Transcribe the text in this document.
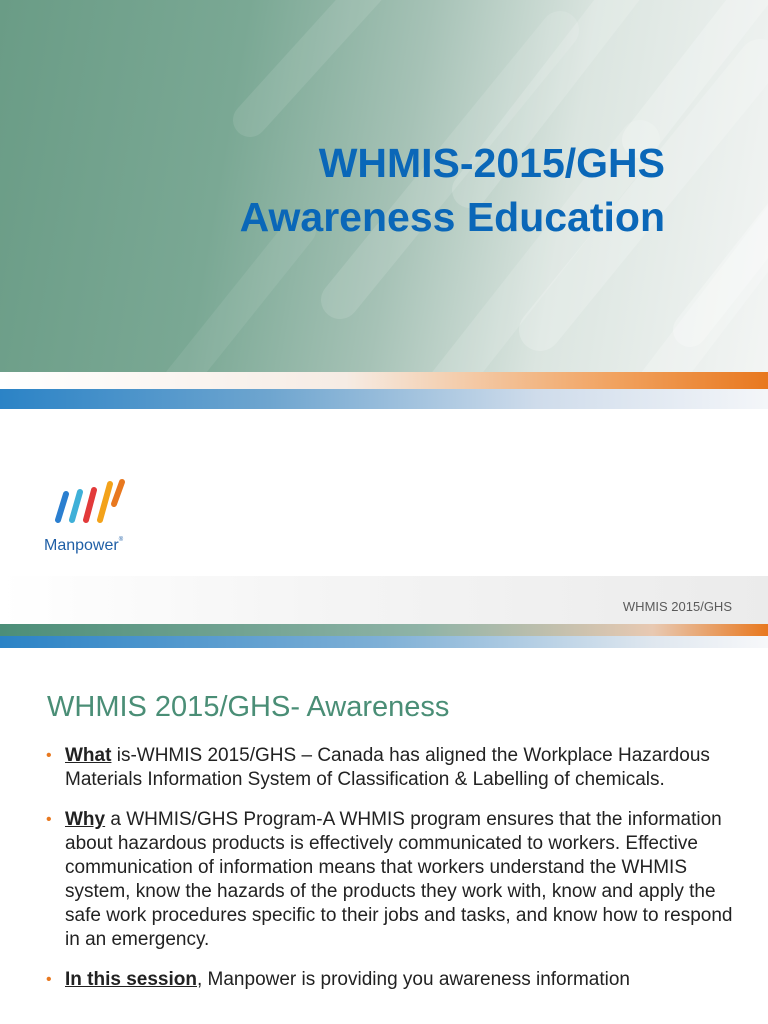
WHMIS-2015/GHS
Awareness Education
Manpower®
WHMIS 2015/GHS
WHMIS 2015/GHS- Awareness
• What is-WHMIS 2015/GHS – Canada has aligned the Workplace Hazardous Materials Information System of Classification & Labelling of chemicals.
• Why a WHMIS/GHS Program-A WHMIS program ensures that the information about hazardous products is effectively communicated to workers. Effective communication of information means that workers understand the WHMIS system, know the hazards of the products they work with, know and apply the safe work procedures specific to their jobs and tasks, and know how to respond in an emergency.
• In this session, Manpower is providing you awareness information
